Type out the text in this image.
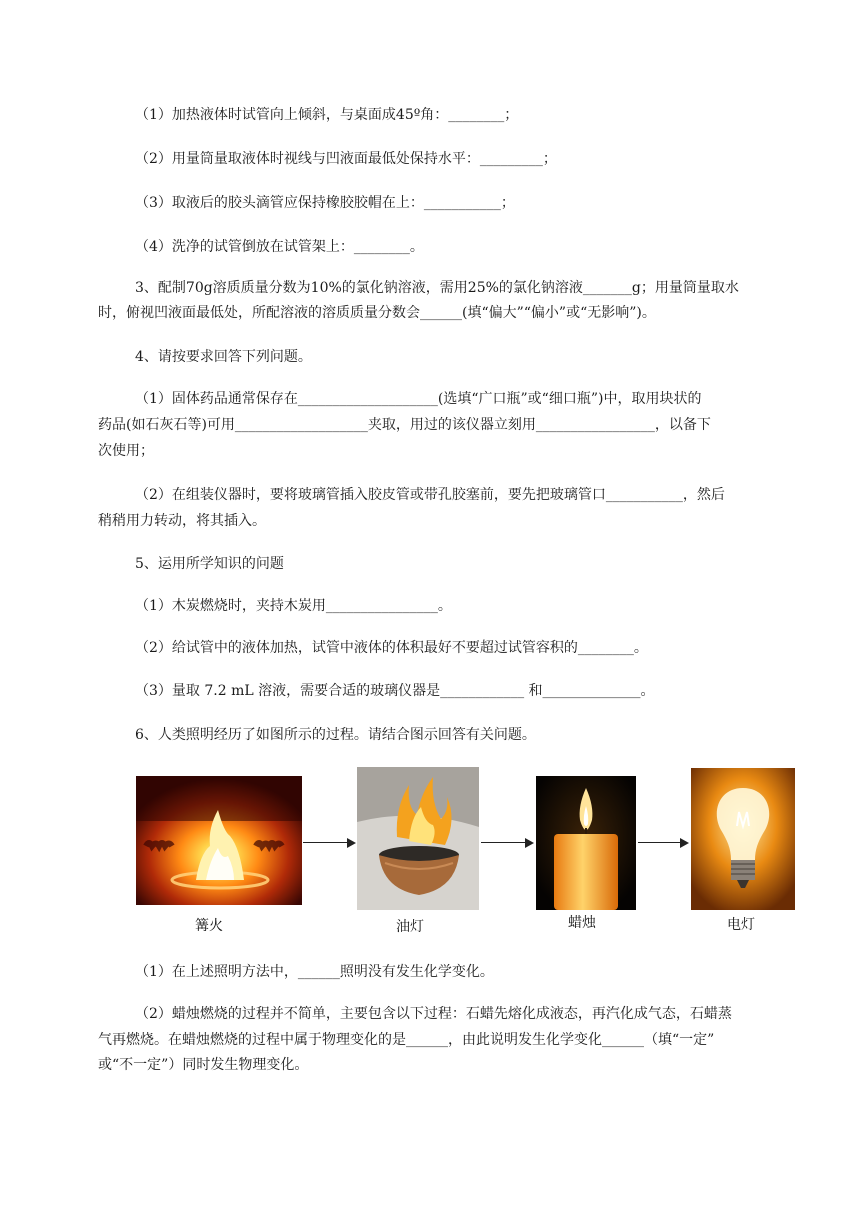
（1）加热液体时试管向上倾斜，与桌面成45º角：________；
（2）用量筒量取液体时视线与凹液面最低处保持水平：_________；
（3）取液后的胶头滴管应保持橡胶胶帽在上：___________；
（4）洗净的试管倒放在试管架上：________。
3、配制70g溶质质量分数为10%的氯化钠溶液，需用25%的氯化钠溶液_______g；用量筒量取水
时，俯视凹液面最低处，所配溶液的溶质质量分数会______(填“偏大”“偏小”或“无影响”)。
4、请按要求回答下列问题。
（1）固体药品通常保存在____________________(选填“广口瓶”或“细口瓶”)中，取用块状的
药品(如石灰石等)可用___________________夹取，用过的该仪器立刻用_________________，以备下
次使用；
（2）在组装仪器时，要将玻璃管插入胶皮管或带孔胶塞前，要先把玻璃管口___________，然后
稍稍用力转动，将其插入。
5、运用所学知识的问题
（1）木炭燃烧时，夹持木炭用________________。
（2）给试管中的液体加热，试管中液体的体积最好不要超过试管容积的________。
（3）量取 7.2 mL 溶液，需要合适的玻璃仪器是____________ 和______________。
6、人类照明经历了如图所示的过程。请结合图示回答有关问题。
篝火	油灯	蜡烛	电灯
（1）在上述照明方法中，______照明没有发生化学变化。
（2）蜡烛燃烧的过程并不简单，主要包含以下过程：石蜡先熔化成液态，再汽化成气态，石蜡蒸
气再燃烧。在蜡烛燃烧的过程中属于物理变化的是______，由此说明发生化学变化______（填“一定”
或“不一定”）同时发生物理变化。
